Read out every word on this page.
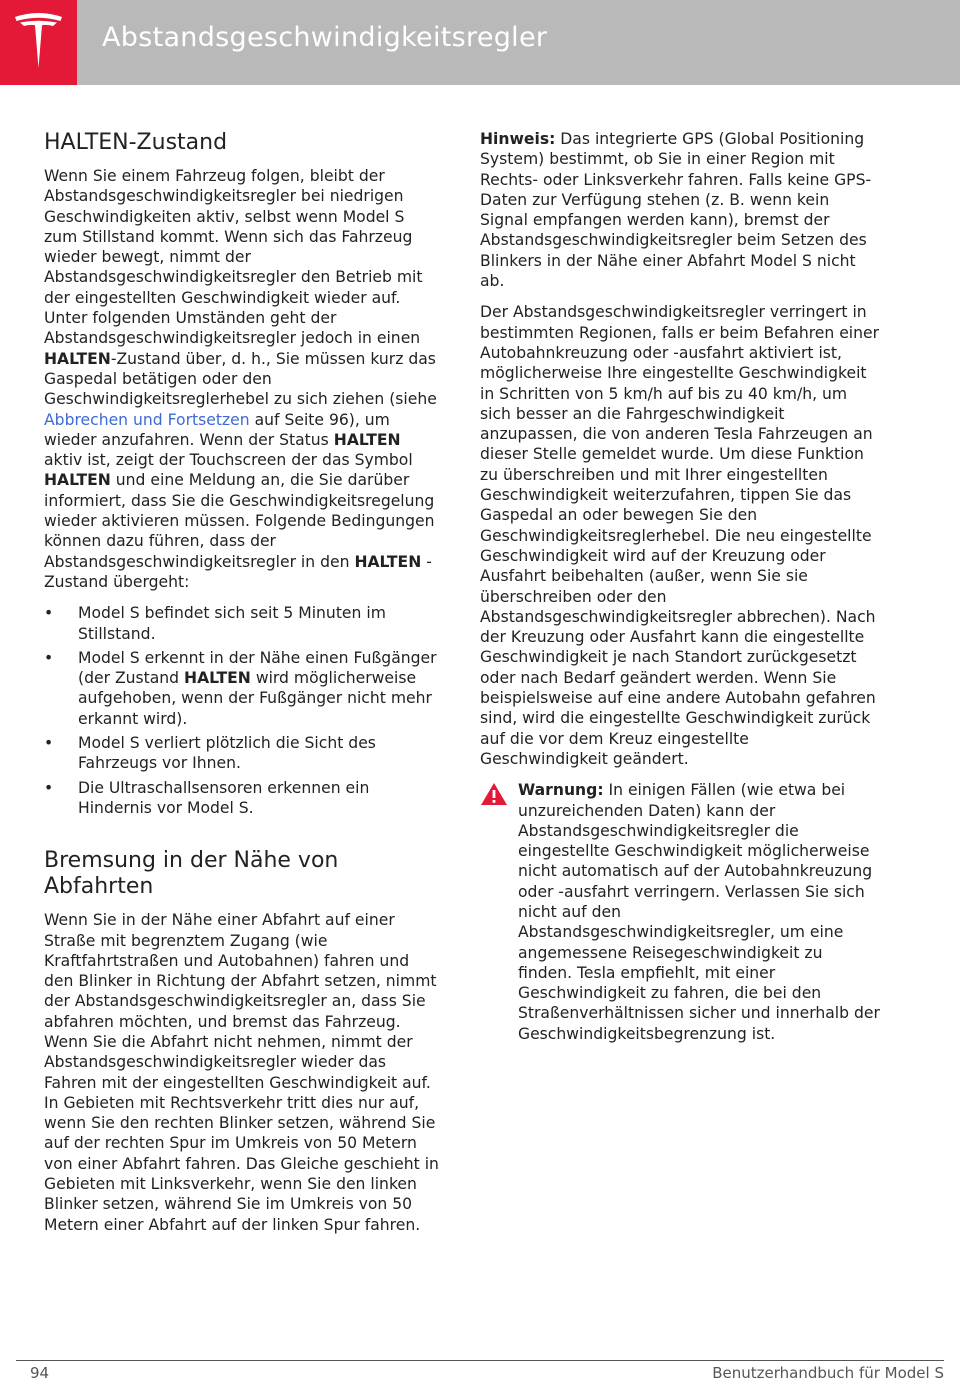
Abstandsgeschwindigkeitsregler
HALTEN-Zustand

Wenn Sie einem Fahrzeug folgen, bleibt der Abstandsgeschwindigkeitsregler bei niedrigen Geschwindigkeiten aktiv, selbst wenn Model S zum Stillstand kommt. Wenn sich das Fahrzeug wieder bewegt, nimmt der Abstandsgeschwindigkeitsregler den Betrieb mit der eingestellten Geschwindigkeit wieder auf. Unter folgenden Umständen geht der Abstandsgeschwindigkeitsregler jedoch in einen HALTEN-Zustand über, d. h., Sie müssen kurz das Gaspedal betätigen oder den Geschwindigkeitsreglerhebel zu sich ziehen (siehe Abbrechen und Fortsetzen auf Seite 96), um wieder anzufahren. Wenn der Status HALTEN aktiv ist, zeigt der Touchscreen der das Symbol HALTEN und eine Meldung an, die Sie darüber informiert, dass Sie die Geschwindigkeitsregelung wieder aktivieren müssen. Folgende Bedingungen können dazu führen, dass der Abstandsgeschwindigkeitsregler in den HALTEN -Zustand übergeht:

• Model S befindet sich seit 5 Minuten im Stillstand.
• Model S erkennt in der Nähe einen Fußgänger (der Zustand HALTEN wird möglicherweise aufgehoben, wenn der Fußgänger nicht mehr erkannt wird).
• Model S verliert plötzlich die Sicht des Fahrzeugs vor Ihnen.
• Die Ultraschallsensoren erkennen ein Hindernis vor Model S.
Bremsung in der Nähe von Abfahrten

Wenn Sie in der Nähe einer Abfahrt auf einer Straße mit begrenztem Zugang (wie Kraftfahrtstraßen und Autobahnen) fahren und den Blinker in Richtung der Abfahrt setzen, nimmt der Abstandsgeschwindigkeitsregler an, dass Sie abfahren möchten, und bremst das Fahrzeug. Wenn Sie die Abfahrt nicht nehmen, nimmt der Abstandsgeschwindigkeitsregler wieder das Fahren mit der eingestellten Geschwindigkeit auf. In Gebieten mit Rechtsverkehr tritt dies nur auf, wenn Sie den rechten Blinker setzen, während Sie auf der rechten Spur im Umkreis von 50 Metern von einer Abfahrt fahren. Das Gleiche geschieht in Gebieten mit Linksverkehr, wenn Sie den linken Blinker setzen, während Sie im Umkreis von 50 Metern einer Abfahrt auf der linken Spur fahren.

Hinweis: Das integrierte GPS (Global Positioning System) bestimmt, ob Sie in einer Region mit Rechts- oder Linksverkehr fahren. Falls keine GPS-Daten zur Verfügung stehen (z. B. wenn kein Signal empfangen werden kann), bremst der Abstandsgeschwindigkeitsregler beim Setzen des Blinkers in der Nähe einer Abfahrt Model S nicht ab.

Der Abstandsgeschwindigkeitsregler verringert in bestimmten Regionen, falls er beim Befahren einer Autobahnkreuzung oder -ausfahrt aktiviert ist, möglicherweise Ihre eingestellte Geschwindigkeit in Schritten von 5 km/h auf bis zu 40 km/h, um sich besser an die Fahrgeschwindigkeit anzupassen, die von anderen Tesla Fahrzeugen an dieser Stelle gemeldet wurde. Um diese Funktion zu überschreiben und mit Ihrer eingestellten Geschwindigkeit weiterzufahren, tippen Sie das Gaspedal an oder bewegen Sie den Geschwindigkeitsreglerhebel. Die neu eingestellte Geschwindigkeit wird auf der Kreuzung oder Ausfahrt beibehalten (außer, wenn Sie sie überschreiben oder den Abstandsgeschwindigkeitsregler abbrechen). Nach der Kreuzung oder Ausfahrt kann die eingestellte Geschwindigkeit je nach Standort zurückgesetzt oder nach Bedarf geändert werden. Wenn Sie beispielsweise auf eine andere Autobahn gefahren sind, wird die eingestellte Geschwindigkeit zurück auf die vor dem Kreuz eingestellte Geschwindigkeit geändert.

Warnung: In einigen Fällen (wie etwa bei unzureichenden Daten) kann der Abstandsgeschwindigkeitsregler die eingestellte Geschwindigkeit möglicherweise nicht automatisch auf der Autobahnkreuzung oder -ausfahrt verringern. Verlassen Sie sich nicht auf den Abstandsgeschwindigkeitsregler, um eine angemessene Reisegeschwindigkeit zu finden. Tesla empfiehlt, mit einer Geschwindigkeit zu fahren, die bei den Straßenverhältnissen sicher und innerhalb der Geschwindigkeitsbegrenzung ist.
94	Benutzerhandbuch für Model S
